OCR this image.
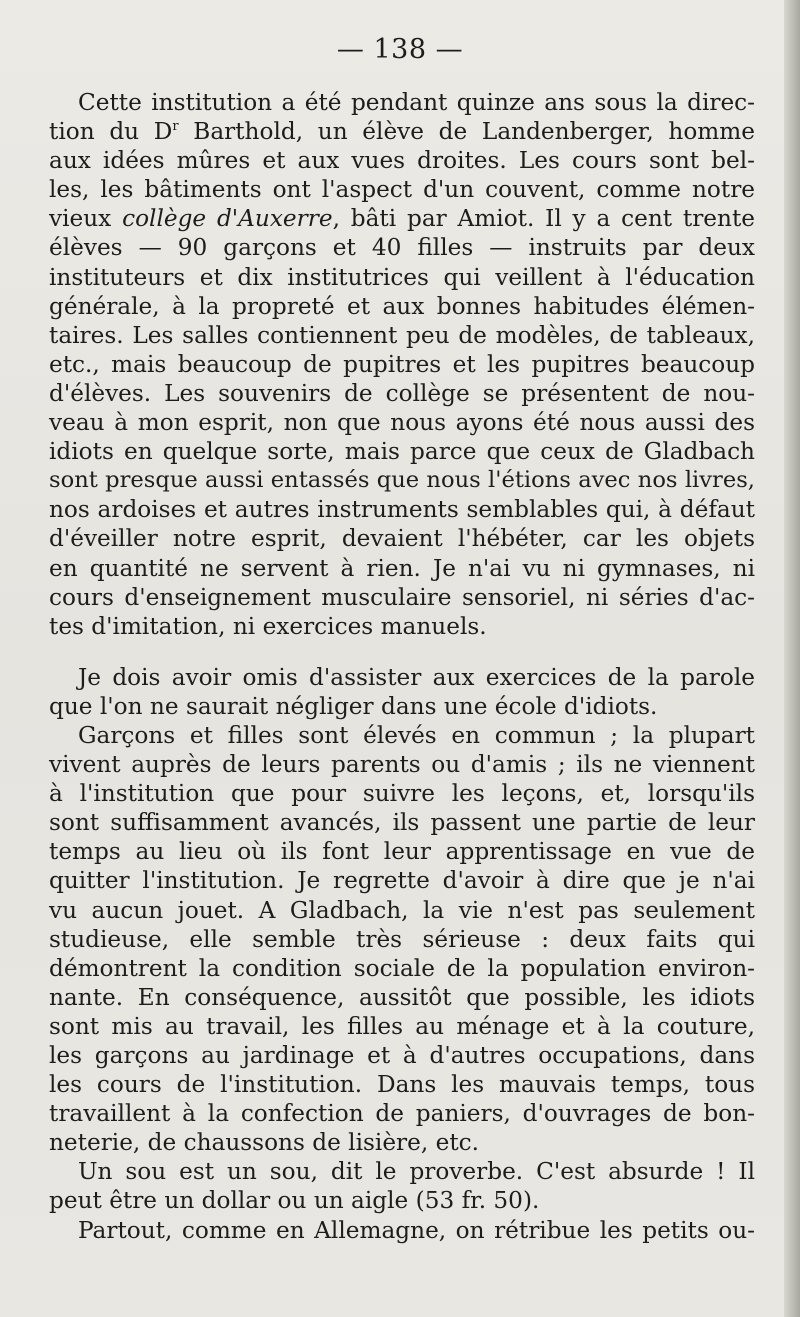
— 138 —
Cette institution a été pendant quinze ans sous la direc-
tion du $D^r$ Barthold, un élève de Landenberger, homme
aux idées mûres et aux vues droites. Les cours sont bel-
les, les bâtiments ont l'aspect d'un couvent, comme notre
vieux collège d'Auxerre, bâti par Amiot. Il y a cent trente
élèves — 90 garçons et 40 filles — instruits par deux
instituteurs et dix institutrices qui veillent à l'éducation
générale, à la propreté et aux bonnes habitudes élémen-
taires. Les salles contiennent peu de modèles, de tableaux,
etc., mais beaucoup de pupitres et les pupitres beaucoup
d'élèves. Les souvenirs de collège se présentent de nou-
veau à mon esprit, non que nous ayons été nous aussi des
idiots en quelque sorte, mais parce que ceux de Gladbach
sont presque aussi entassés que nous l'étions avec nos livres,
nos ardoises et autres instruments semblables qui, à défaut
d'éveiller notre esprit, devaient l'hébéter, car les objets
en quantité ne servent à rien. Je n'ai vu ni gymnases, ni
cours d'enseignement musculaire sensoriel, ni séries d'ac-
tes d'imitation, ni exercices manuels.
Je dois avoir omis d'assister aux exercices de la parole
que l'on ne saurait négliger dans une école d'idiots.
Garçons et filles sont élevés en commun ; la plupart
vivent auprès de leurs parents ou d'amis ; ils ne viennent
à l'institution que pour suivre les leçons, et, lorsqu'ils
sont suffisamment avancés, ils passent une partie de leur
temps au lieu où ils font leur apprentissage en vue de
quitter l'institution. Je regrette d'avoir à dire que je n'ai
vu aucun jouet. A Gladbach, la vie n'est pas seulement
studieuse, elle semble très sérieuse : deux faits qui
démontrent la condition sociale de la population environ-
nante. En conséquence, aussitôt que possible, les idiots
sont mis au travail, les filles au ménage et à la couture,
les garçons au jardinage et à d'autres occupations, dans
les cours de l'institution. Dans les mauvais temps, tous
travaillent à la confection de paniers, d'ouvrages de bon-
neterie, de chaussons de lisière, etc.
Un sou est un sou, dit le proverbe. C'est absurde ! Il
peut être un dollar ou un aigle (53 fr. 50).
Partout, comme en Allemagne, on rétribue les petits ou-
